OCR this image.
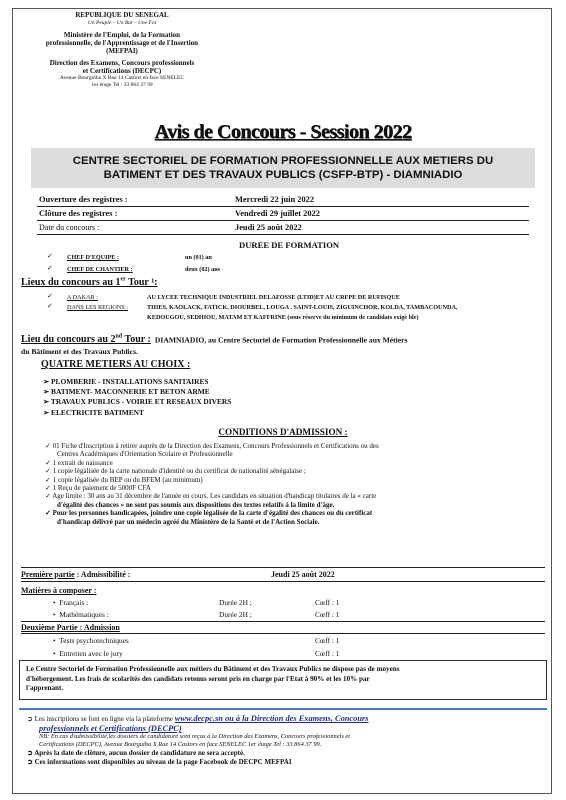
REPUBLIQUE DU SENEGAL
Un Peuple – Un But – Une Foi
Ministère de l'Emploi, de la Formation professionnelle, de l'Apprentissage et de l'Insertion (MEFPAI)
Direction des Examens, Concours professionnels et Certifications (DECPC)
Avenue Bourguiba X Rue 14 Castors en face SENELEC
1er étage Tel : 33 864 37 99
Avis de Concours - Session 2022
CENTRE SECTORIEL DE FORMATION PROFESSIONNELLE AUX METIERS DU
BATIMENT ET DES TRAVAUX PUBLICS (CSFP-BTP) - DIAMNIADIO
Ouverture des registres :	Mercredi 22 juin 2022
Clôture des registres :	Vendredi 29 juillet 2022
Date du concours :	Jeudi 25 août 2022
DUREE DE FORMATION
✓ CHEF D'EQUIPE :	un (01) an
✓ CHEF DE CHANTIER :	deux (02) ans
Lieux du concours au 1er Tour ¹:
✓ A DAKAR :	AU LYCEE TECHNIQUE INDUSTRIEL DELAFOSSE (LTID)ET AU CRFPE DE RUFISQUE
✓ DANS LES REGIONS :	THIES, KAOLACK, FATICK, DIOURBEL, LOUGA , SAINT-LOUIS, ZIGUINCHOR, KOLDA, TAMBACOUNDA,
KEDOUGOU, SEDHIOU, MATAM ET KAFFRINE (sous réserve du minimum de candidats exigé ble)
Lieu du concours au 2nd Tour : DIAMNIADIO, au Centre Sectoriel de Formation Professionnelle aux Métiers
du Bâtiment et des Travaux Publics.
QUATRE METIERS AU CHOIX :
➢ PLOMBERIE - INSTALLATIONS SANITAIRES
➢ BATIMENT- MACONNERIE ET BETON ARME
➢ TRAVAUX PUBLICS - VOIRIE ET RESEAUX DIVERS
➢ ELECTRICITE BATIMENT
CONDITIONS D'ADMISSION :
✓ 01 Fiche d'Inscription à retirer auprès de la Direction des Examens, Concours Professionnels et Certifications ou des
Centres Académiques d'Orientation Scolaire et Professionnelle
✓ 1 extrait de naissance
✓ 1 copie légalisée de la carte nationale d'identité ou du certificat de nationalité sénégalaise ;
✓ 1 copie légalisée du BEP ou du BFEM (au minimum)
✓ 1 Reçu de paiement de 5000F CFA
✓ Age limite : 30 ans au 31 décembre de l'année en cours. Les candidats en situation d'handicap titulaires de la « carte
d'égalité des chances » ne sont pas soumis aux dispositions des textes relatifs à la limite d'âge.
✓ Pour les personnes handicapées, joindre une copie légalisée de la carte d'égalité des chances ou du certificat
d'handicap délivré par un médecin agréé du Ministère de la Santé et de l'Action Sociale.
Première partie : Admissibilité :	Jeudi 25 août 2022
Matières à composer :
•  Français :	Durée 2H ;	Cœff : 1
•  Mathématiques :	Durée 2H ;	Cœff : 1
Deuxième Partie : Admission
•  Tests psychotechniques	Cœff : 1
•  Entretien avec le jury	Cœff : 1
Le Centre Sectoriel de Formation Professionnelle aux métiers du Bâtiment et des Travaux Publics ne dispose pas de moyens
d'hébergement. Les frais de scolarités des candidats retenus seront pris en charge par l'Etat à 90% et les 10% par
l'apprenant.
➲ Les inscriptions se font en ligne via la plateforme www.decpc.sn ou à la Direction des Examens, Concours
professionnels et Certifications (DECPC)
NB: En cas d'admissibilité,les dossiers de candidature sont reçus à la Direction des Examens, Concours professionnels et
Certifications (DECPC), Avenue Bourguiba X Rue 14 Castors en face SENELEC 1er étage Tel : 33 864 37 99.
➲ Après la date de clôture, aucun dossier de candidature ne sera accepté.
➲ Ces informations sont disponibles au niveau de la page Facebook de DECPC MEFPAI
